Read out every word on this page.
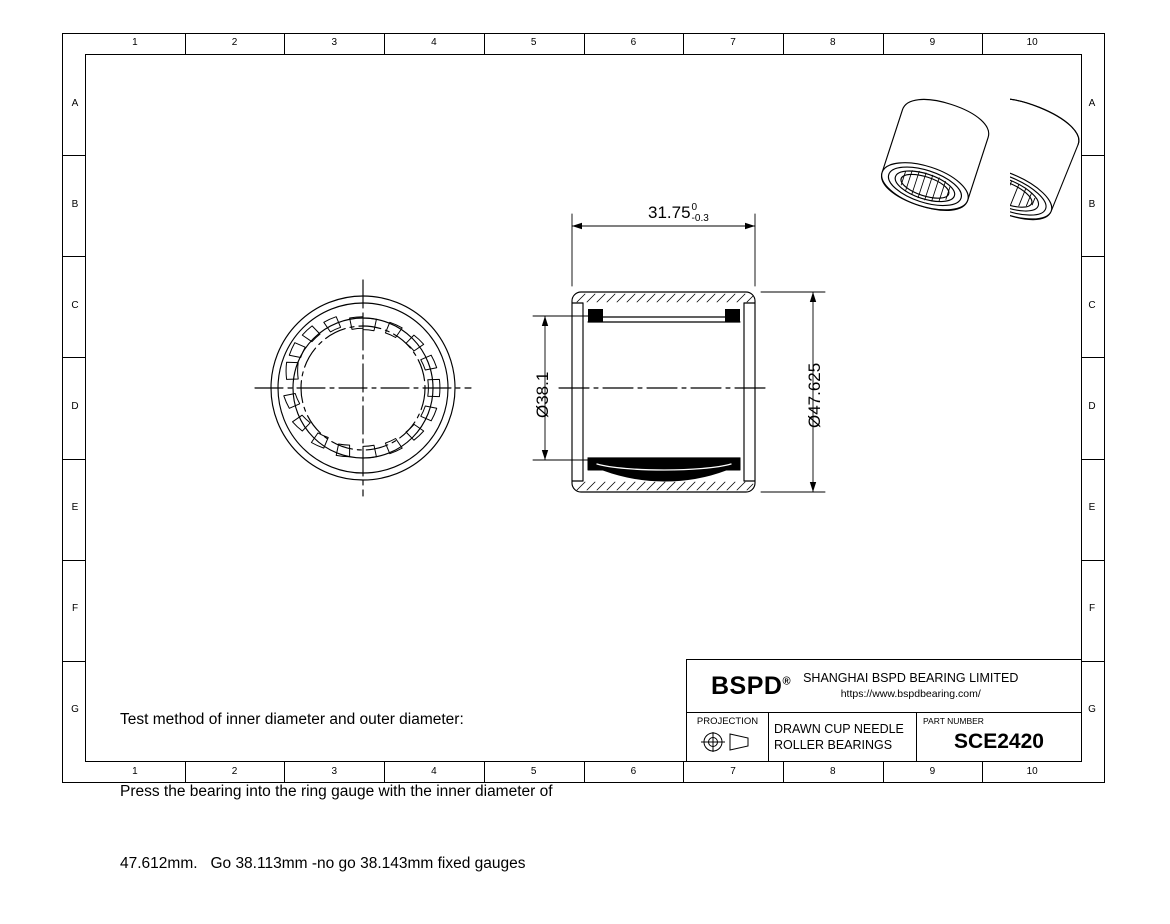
1
1
2
2
3
3
4
4
5
5
6
6
7
7
8
8
9
9
10
10
A	A
B	B
C	C
D	D
E	E
F	F
G	G
31.75 0
-0.3
Ø38.1	Ø47.625

Test method of inner diameter and outer diameter:

Press the bearing into the ring gauge with the inner diameter of

47.612mm.   Go 38.113mm -no go 38.143mm fixed gauges

BSPD® SHANGHAI BSPD BEARING LIMITED
https://www.bspdbearing.com/
PROJECTION
DRAWN CUP NEEDLE
ROLLER BEARINGS
PART NUMBER
SCE2420
